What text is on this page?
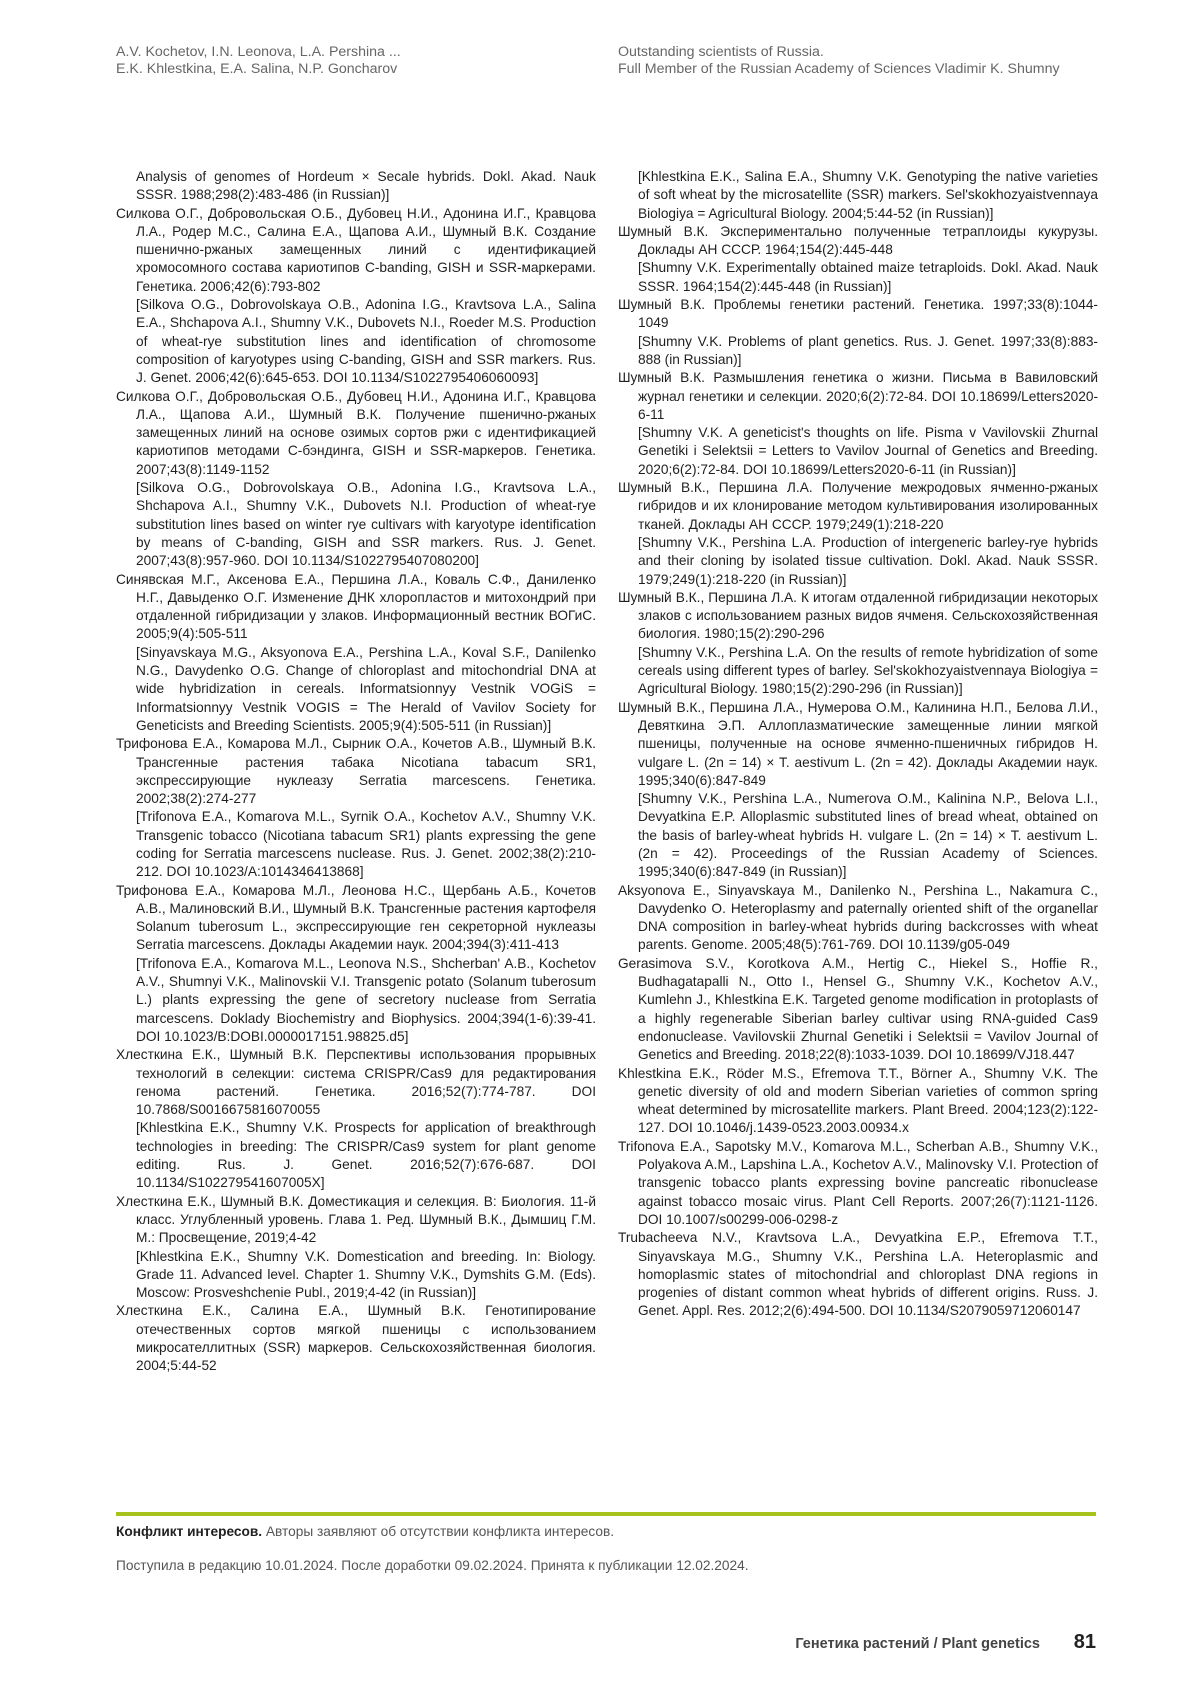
A.V. Kochetov, I.N. Leonova, L.A. Pershina ...
E.K. Khlestkina, E.A. Salina, N.P. Goncharov
Outstanding scientists of Russia.
Full Member of the Russian Academy of Sciences Vladimir K. Shumny

Analysis of genomes of Hordeum × Secale hybrids. Dokl. Akad. Nauk SSSR. 1988;298(2):483-486 (in Russian)]

Силкова О.Г., Добровольская О.Б., Дубовец Н.И., Адонина И.Г., Кравцова Л.А., Родер М.С., Салина Е.А., Щапова А.И., Шумный В.К. Создание пшенично-ржаных замещенных линий с идентификацией хромосомного состава кариотипов C-banding, GISH и SSR-маркерами. Генетика. 2006;42(6):793-802
[Silkova O.G., Dobrovolskaya O.B., Adonina I.G., Kravtsova L.A., Salina E.A., Shchapova A.I., Shumny V.K., Dubovets N.I., Roeder M.S. Production of wheat-rye substitution lines and identification of chromosome composition of karyotypes using C-banding, GISH and SSR markers. Rus. J. Genet. 2006;42(6):645-653. DOI 10.1134/S1022795406060093]

Силкова О.Г., Добровольская О.Б., Дубовец Н.И., Адонина И.Г., Кравцова Л.А., Щапова А.И., Шумный В.К. Получение пшенично-ржаных замещенных линий на основе озимых сортов ржи с идентификацией кариотипов методами С-бэндинга, GISH и SSR-маркеров. Генетика. 2007;43(8):1149-1152
[Silkova O.G., Dobrovolskaya O.B., Adonina I.G., Kravtsova L.A., Shchapova A.I., Shumny V.K., Dubovets N.I. Production of wheat-rye substitution lines based on winter rye cultivars with karyotype identification by means of C-banding, GISH and SSR markers. Rus. J. Genet. 2007;43(8):957-960. DOI 10.1134/S1022795407080200]

Синявская М.Г., Аксенова Е.А., Першина Л.А., Коваль С.Ф., Даниленко Н.Г., Давыденко О.Г. Изменение ДНК хлоропластов и митохондрий при отдаленной гибридизации у злаков. Информационный вестник ВОГиС. 2005;9(4):505-511
[Sinyavskaya M.G., Aksyonova E.A., Pershina L.A., Koval S.F., Danilenko N.G., Davydenko O.G. Change of chloroplast and mitochondrial DNA at wide hybridization in cereals. Informatsionnyy Vestnik VOGiS = Informatsionnyy Vestnik VOGIS = The Herald of Vavilov Society for Geneticists and Breeding Scientists. 2005;9(4):505-511 (in Russian)]

Трифонова Е.А., Комарова М.Л., Сырник О.А., Кочетов А.В., Шумный В.К. Трансгенные растения табака Nicotiana tabacum SR1, экспрессирующие нуклеазу Serratia marcescens. Генетика. 2002;38(2):274-277
[Trifonova E.A., Komarova M.L., Syrnik O.A., Kochetov A.V., Shumny V.K. Transgenic tobacco (Nicotiana tabacum SR1) plants expressing the gene coding for Serratia marcescens nuclease. Rus. J. Genet. 2002;38(2):210-212. DOI 10.1023/A:1014346413868]

Трифонова Е.А., Комарова М.Л., Леонова Н.С., Щербань А.Б., Кочетов А.В., Малиновский В.И., Шумный В.К. Трансгенные растения картофеля Solanum tuberosum L., экспрессирующие ген секреторной нуклеазы Serratia marcescens. Доклады Академии наук. 2004;394(3):411-413
[Trifonova E.A., Komarova M.L., Leonova N.S., Shcherban' A.B., Kochetov A.V., Shumnyi V.K., Malinovskii V.I. Transgenic potato (Solanum tuberosum L.) plants expressing the gene of secretory nuclease from Serratia marcescens. Doklady Biochemistry and Biophysics. 2004;394(1-6):39-41. DOI 10.1023/B:DOBI.0000017151.98825.d5]

Хлесткина Е.К., Шумный В.К. Перспективы использования прорывных технологий в селекции: система CRISPR/Cas9 для редактирования генома растений. Генетика. 2016;52(7):774-787. DOI 10.7868/S0016675816070055
[Khlestkina E.K., Shumny V.K. Prospects for application of breakthrough technologies in breeding: The CRISPR/Cas9 system for plant genome editing. Rus. J. Genet. 2016;52(7):676-687. DOI 10.1134/S102279541607005X]

Хлесткина Е.К., Шумный В.К. Доместикация и селекция. В: Биология. 11-й класс. Углубленный уровень. Глава 1. Ред. Шумный В.К., Дымшиц Г.М. М.: Просвещение, 2019;4-42
[Khlestkina E.K., Shumny V.K. Domestication and breeding. In: Biology. Grade 11. Advanced level. Chapter 1. Shumny V.K., Dymshits G.M. (Eds). Moscow: Prosveshchenie Publ., 2019;4-42 (in Russian)]

Хлесткина Е.К., Салина Е.А., Шумный В.К. Генотипирование отечественных сортов мягкой пшеницы с использованием микросателлитных (SSR) маркеров. Сельскохозяйственная биология. 2004;5:44-52

[Khlestkina E.K., Salina E.A., Shumny V.K. Genotyping the native varieties of soft wheat by the microsatellite (SSR) markers. Sel'skokhozyaistvennaya Biologiya = Agricultural Biology. 2004;5:44-52 (in Russian)]

Шумный В.К. Экспериментально полученные тетраплоиды кукурузы. Доклады АН СССР. 1964;154(2):445-448
[Shumny V.K. Experimentally obtained maize tetraploids. Dokl. Akad. Nauk SSSR. 1964;154(2):445-448 (in Russian)]

Шумный В.К. Проблемы генетики растений. Генетика. 1997;33(8):1044-1049
[Shumny V.K. Problems of plant genetics. Rus. J. Genet. 1997;33(8):883-888 (in Russian)]

Шумный В.К. Размышления генетика о жизни. Письма в Вавиловский журнал генетики и селекции. 2020;6(2):72-84. DOI 10.18699/Letters2020-6-11
[Shumny V.K. A geneticist's thoughts on life. Pisma v Vavilovskii Zhurnal Genetiki i Selektsii = Letters to Vavilov Journal of Genetics and Breeding. 2020;6(2):72-84. DOI 10.18699/Letters2020-6-11 (in Russian)]

Шумный В.К., Першина Л.А. Получение межродовых ячменно-ржаных гибридов и их клонирование методом культивирования изолированных тканей. Доклады АН СССР. 1979;249(1):218-220
[Shumny V.K., Pershina L.A. Production of intergeneric barley-rye hybrids and their cloning by isolated tissue cultivation. Dokl. Akad. Nauk SSSR. 1979;249(1):218-220 (in Russian)]

Шумный В.К., Першина Л.А. К итогам отдаленной гибридизации некоторых злаков с использованием разных видов ячменя. Сельскохозяйственная биология. 1980;15(2):290-296
[Shumny V.K., Pershina L.A. On the results of remote hybridization of some cereals using different types of barley. Sel'skokhozyaistvennaya Biologiya = Agricultural Biology. 1980;15(2):290-296 (in Russian)]

Шумный В.К., Першина Л.А., Нумерова О.М., Калинина Н.П., Белова Л.И., Девяткина Э.П. Аллоплазматические замещенные линии мягкой пшеницы, полученные на основе ячменно-пшеничных гибридов H. vulgare L. (2n = 14) × T. aestivum L. (2n = 42). Доклады Академии наук. 1995;340(6):847-849
[Shumny V.K., Pershina L.A., Numerova O.M., Kalinina N.P., Belova L.I., Devyatkina E.P. Alloplasmic substituted lines of bread wheat, obtained on the basis of barley-wheat hybrids H. vulgare L. (2n = 14) × T. aestivum L. (2n = 42). Proceedings of the Russian Academy of Sciences. 1995;340(6):847-849 (in Russian)]

Aksyonova E., Sinyavskaya M., Danilenko N., Pershina L., Nakamura C., Davydenko O. Heteroplasmy and paternally oriented shift of the organellar DNA composition in barley-wheat hybrids during backcrosses with wheat parents. Genome. 2005;48(5):761-769. DOI 10.1139/g05-049

Gerasimova S.V., Korotkova A.M., Hertig C., Hiekel S., Hoffie R., Budhagatapalli N., Otto I., Hensel G., Shumny V.K., Kochetov A.V., Kumlehn J., Khlestkina E.K. Targeted genome modification in protoplasts of a highly regenerable Siberian barley cultivar using RNA-guided Cas9 endonuclease. Vavilovskii Zhurnal Genetiki i Selektsii = Vavilov Journal of Genetics and Breeding. 2018;22(8):1033-1039. DOI 10.18699/VJ18.447

Khlestkina E.K., Röder M.S., Efremova T.T., Börner A., Shumny V.K. The genetic diversity of old and modern Siberian varieties of common spring wheat determined by microsatellite markers. Plant Breed. 2004;123(2):122-127. DOI 10.1046/j.1439-0523.2003.00934.x

Trifonova E.A., Sapotsky M.V., Komarova M.L., Scherban A.B., Shumny V.K., Polyakova A.M., Lapshina L.A., Kochetov A.V., Malinovsky V.I. Protection of transgenic tobacco plants expressing bovine pancreatic ribonuclease against tobacco mosaic virus. Plant Cell Reports. 2007;26(7):1121-1126. DOI 10.1007/s00299-006-0298-z

Trubacheeva N.V., Kravtsova L.A., Devyatkina E.P., Efremova T.T., Sinyavskaya M.G., Shumny V.K., Pershina L.A. Heteroplasmic and homoplasmic states of mitochondrial and chloroplast DNA regions in progenies of distant common wheat hybrids of different origins. Russ. J. Genet. Appl. Res. 2012;2(6):494-500. DOI 10.1134/S2079059712060147

Конфликт интересов. Авторы заявляют об отсутствии конфликта интересов.
Поступила в редакцию 10.01.2024. После доработки 09.02.2024. Принята к публикации 12.02.2024.
Генетика растений / Plant genetics 81
